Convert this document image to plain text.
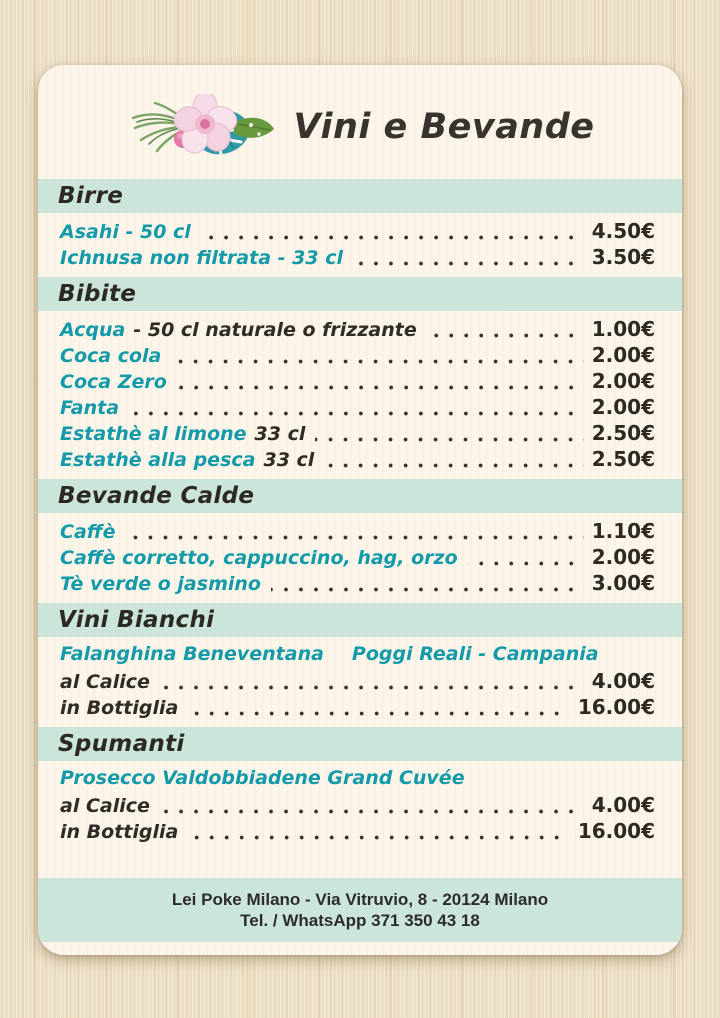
Vini e Bevande
Birre
Asahi - 50 cl	4.50€
Ichnusa non filtrata - 33 cl	3.50€
Bibite
Acqua - 50 cl naturale o frizzante	1.00€
Coca cola	2.00€
Coca Zero	2.00€
Fanta	2.00€
Estathè al limone 33 cl	2.50€
Estathè alla pesca 33 cl	2.50€
Bevande Calde
Caffè	1.10€
Caffè corretto, cappuccino, hag, orzo	2.00€
Tè verde o jasmino	3.00€
Vini Bianchi
Falanghina Beneventana Poggi Reali - Campania
al Calice	4.00€
in Bottiglia	16.00€
Spumanti
Prosecco Valdobbiadene Grand Cuvée
al Calice	4.00€
in Bottiglia	16.00€
Lei Poke Milano - Via Vitruvio, 8 - 20124 Milano
Tel. / WhatsApp 371 350 43 18
